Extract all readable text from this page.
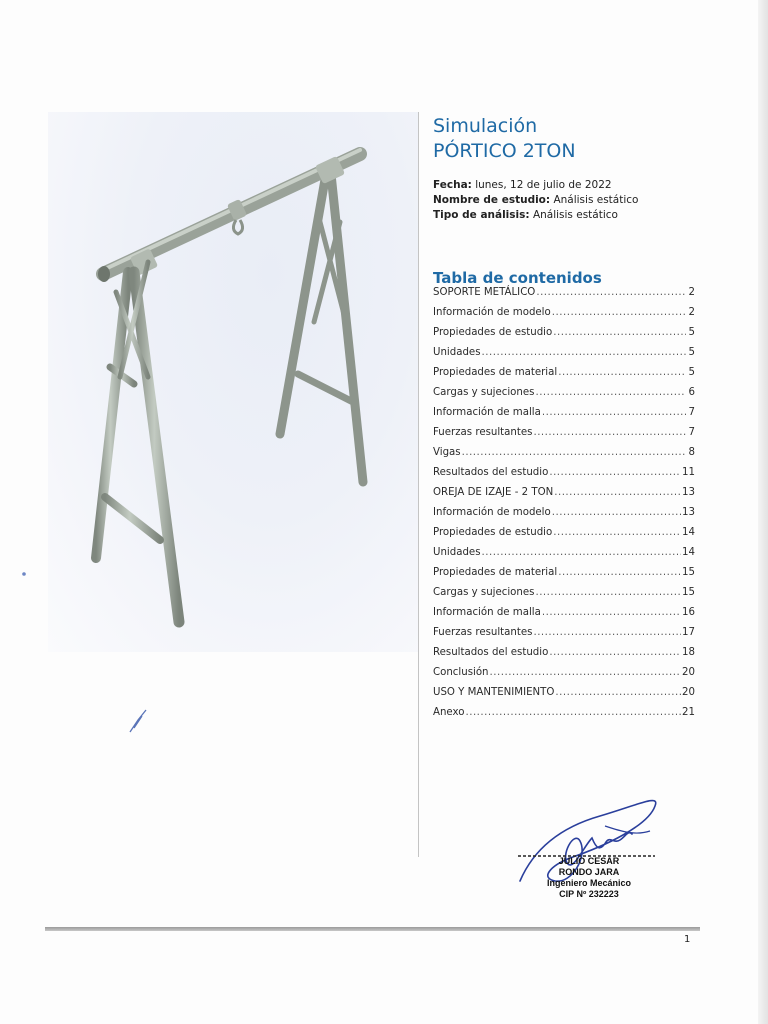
Simulación
PÓRTICO 2TON
Fecha: lunes, 12 de julio de 2022
Nombre de estudio: Análisis estático
Tipo de análisis: Análisis estático
Tabla de contenidos
SOPORTE METÁLICO .....	2
Información de modelo .....	2
Propiedades de estudio .....	5
Unidades .....	5
Propiedades de material .....	5
Cargas y sujeciones .....	6
Información de malla .....	7
Fuerzas resultantes .....	7
Vigas .....	8
Resultados del estudio .....	11
OREJA DE IZAJE - 2 TON .....	13
Información de modelo .....	13
Propiedades de estudio .....	14
Unidades .....	14
Propiedades de material .....	15
Cargas y sujeciones .....	15
Información de malla .....	16
Fuerzas resultantes .....	17
Resultados del estudio .....	18
Conclusión .....	20
USO Y MANTENIMIENTO .....	20
Anexo .....	21
JULIO CESAR
RONDO JARA
Ingeniero Mecánico
CIP Nº 232223
1
